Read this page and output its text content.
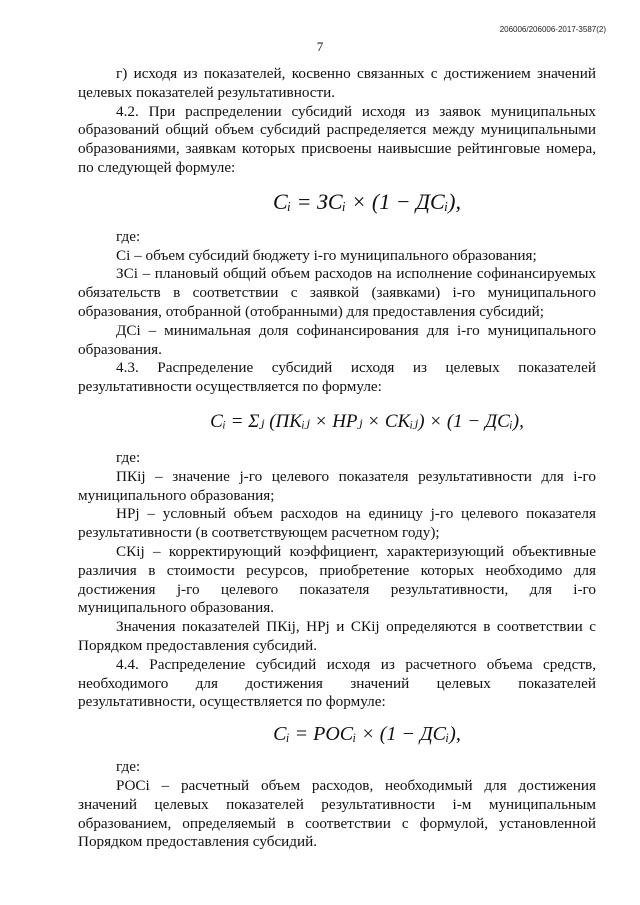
206006/206006-2017-3587(2)
7

г) исходя из показателей, косвенно связанных с достижением значений целевых показателей результативности.

4.2. При распределении субсидий исходя из заявок муниципальных образований общий объем субсидий распределяется между муниципальными образованиями, заявкам которых присвоены наивысшие рейтинговые номера, по следующей формуле:

Cᵢ = ЗCᵢ × (1 − ДCᵢ),

где:

Ci – объем субсидий бюджету i-го муниципального образования;

ЗCi – плановый общий объем расходов на исполнение софинансируемых обязательств в соответствии с заявкой (заявками) i-го муниципального образования, отобранной (отобранными) для предоставления субсидий;

ДCi – минимальная доля софинансирования для i-го муниципального образования.

4.3. Распределение субсидий исходя из целевых показателей результативности осуществляется по формуле:

Cᵢ = Σⱼ (ПКᵢⱼ × НРⱼ × СКᵢⱼ) × (1 − ДCᵢ),

где:

ПКij – значение j-го целевого показателя результативности для i-го муниципального образования;

НРj – условный объем расходов на единицу j-го целевого показателя результативности (в соответствующем расчетном году);

СКij – корректирующий коэффициент, характеризующий объективные различия в стоимости ресурсов, приобретение которых необходимо для достижения j-го целевого показателя результативности, для i-го муниципального образования.

Значения показателей ПКij, НРj и СКij определяются в соответствии с Порядком предоставления субсидий.

4.4. Распределение субсидий исходя из расчетного объема средств, необходимого для достижения значений целевых показателей результативности, осуществляется по формуле:

Cᵢ = POCᵢ × (1 − ДCᵢ),

где:

POCi – расчетный объем расходов, необходимый для достижения значений целевых показателей результативности i-м муниципальным образованием, определяемый в соответствии с формулой, установленной Порядком предоставления субсидий.
